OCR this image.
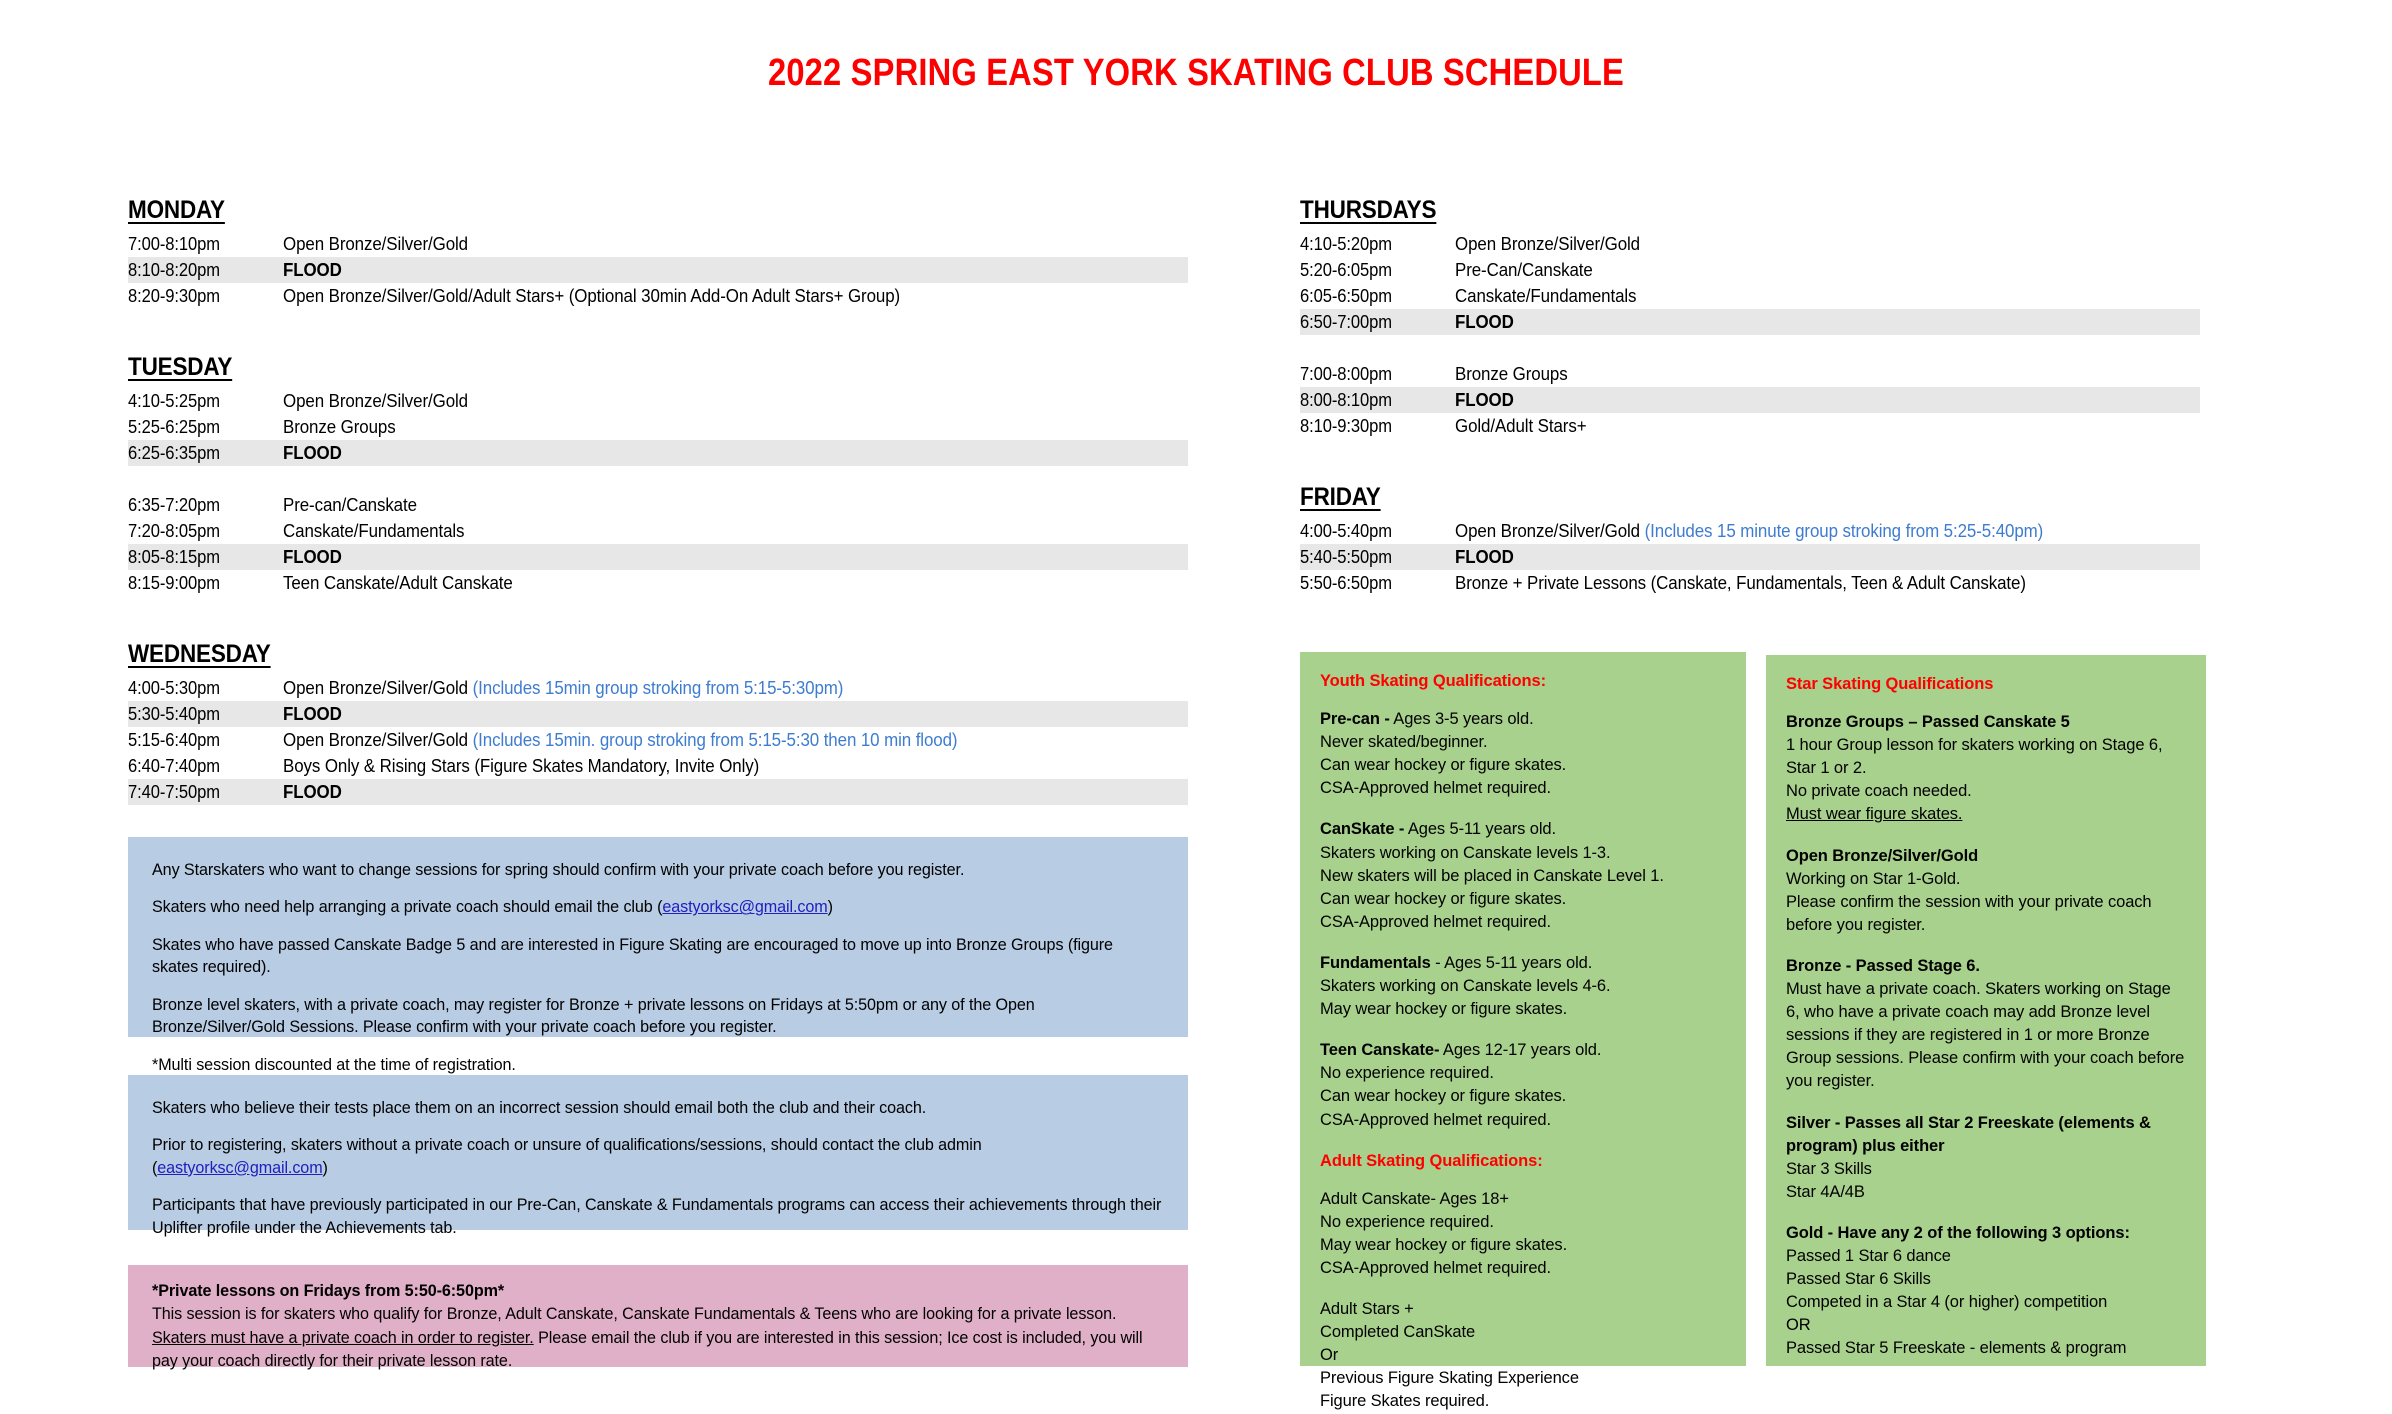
2022 SPRING EAST YORK SKATING CLUB SCHEDULE
MONDAY
7:00-8:10pm	Open Bronze/Silver/Gold
8:10-8:20pm	FLOOD
8:20-9:30pm	Open Bronze/Silver/Gold/Adult Stars+ (Optional 30min Add-On Adult Stars+ Group)
TUESDAY
4:10-5:25pm	Open Bronze/Silver/Gold
5:25-6:25pm	Bronze Groups
6:25-6:35pm	FLOOD
6:35-7:20pm	Pre-can/Canskate
7:20-8:05pm	Canskate/Fundamentals
8:05-8:15pm	FLOOD
8:15-9:00pm	Teen Canskate/Adult Canskate
WEDNESDAY
4:00-5:30pm	Open Bronze/Silver/Gold (Includes 15min group stroking from 5:15-5:30pm)
5:30-5:40pm	FLOOD
5:15-6:40pm	Open Bronze/Silver/Gold (Includes 15min. group stroking from 5:15-5:30 then 10 min flood)
6:40-7:40pm	Boys Only & Rising Stars (Figure Skates Mandatory, Invite Only)
7:40-7:50pm	FLOOD
THURSDAYS
4:10-5:20pm	Open Bronze/Silver/Gold
5:20-6:05pm	Pre-Can/Canskate
6:05-6:50pm	Canskate/Fundamentals
6:50-7:00pm	FLOOD
7:00-8:00pm	Bronze Groups
8:00-8:10pm	FLOOD
8:10-9:30pm	Gold/Adult Stars+
FRIDAY
4:00-5:40pm	Open Bronze/Silver/Gold (Includes 15 minute group stroking from 5:25-5:40pm)
5:40-5:50pm	FLOOD
5:50-6:50pm	Bronze + Private Lessons (Canskate, Fundamentals, Teen & Adult Canskate)

Any Starskaters who want to change sessions for spring should confirm with your private coach before you register.

Skaters who need help arranging a private coach should email the club (eastyorksc@gmail.com)

Skates who have passed Canskate Badge 5 and are interested in Figure Skating are encouraged to move up into Bronze Groups (figure skates required).

Bronze level skaters, with a private coach, may register for Bronze + private lessons on Fridays at 5:50pm or any of the Open Bronze/Silver/Gold Sessions. Please confirm with your private coach before you register.

*Multi session discounted at the time of registration.

Skaters who believe their tests place them on an incorrect session should email both the club and their coach.

Prior to registering, skaters without a private coach or unsure of qualifications/sessions, should contact the club admin (eastyorksc@gmail.com)

Participants that have previously participated in our Pre-Can, Canskate & Fundamentals programs can access their achievements through their Uplifter profile under the Achievements tab.

*Private lessons on Fridays from 5:50-6:50pm*

This session is for skaters who qualify for Bronze, Adult Canskate, Canskate Fundamentals & Teens who are looking for a private lesson. Skaters must have a private coach in order to register. Please email the club if you are interested in this session; Ice cost is included, you will pay your coach directly for their private lesson rate.

Youth Skating Qualifications:

Pre-can - Ages 3-5 years old.
Never skated/beginner.
Can wear hockey or figure skates.
CSA-Approved helmet required.
CanSkate - Ages 5-11 years old.
Skaters working on Canskate levels 1-3.
New skaters will be placed in Canskate Level 1.
Can wear hockey or figure skates.
CSA-Approved helmet required.
Fundamentals - Ages 5-11 years old.
Skaters working on Canskate levels 4-6.
May wear hockey or figure skates.
Teen Canskate- Ages 12-17 years old.
No experience required.
Can wear hockey or figure skates.
CSA-Approved helmet required.

Adult Skating Qualifications:

Adult Canskate- Ages 18+
No experience required.
May wear hockey or figure skates.
CSA-Approved helmet required.
Adult Stars +
Completed CanSkate
Or
Previous Figure Skating Experience
Figure Skates required.

Star Skating Qualifications

Bronze Groups – Passed Canskate 5
1 hour Group lesson for skaters working on Stage 6, Star 1 or 2.
No private coach needed.
Must wear figure skates.
Open Bronze/Silver/Gold
Working on Star 1-Gold.
Please confirm the session with your private coach before you register.
Bronze - Passed Stage 6.
Must have a private coach. Skaters working on Stage 6, who have a private coach may add Bronze level sessions if they are registered in 1 or more Bronze Group sessions. Please confirm with your coach before you register.
Silver - Passes all Star 2 Freeskate (elements & program) plus either
Star 3 Skills
Star 4A/4B
Gold - Have any 2 of the following 3 options:
Passed 1 Star 6 dance
Passed Star 6 Skills
Competed in a Star 4 (or higher) competition
OR
Passed Star 5 Freeskate - elements & program
